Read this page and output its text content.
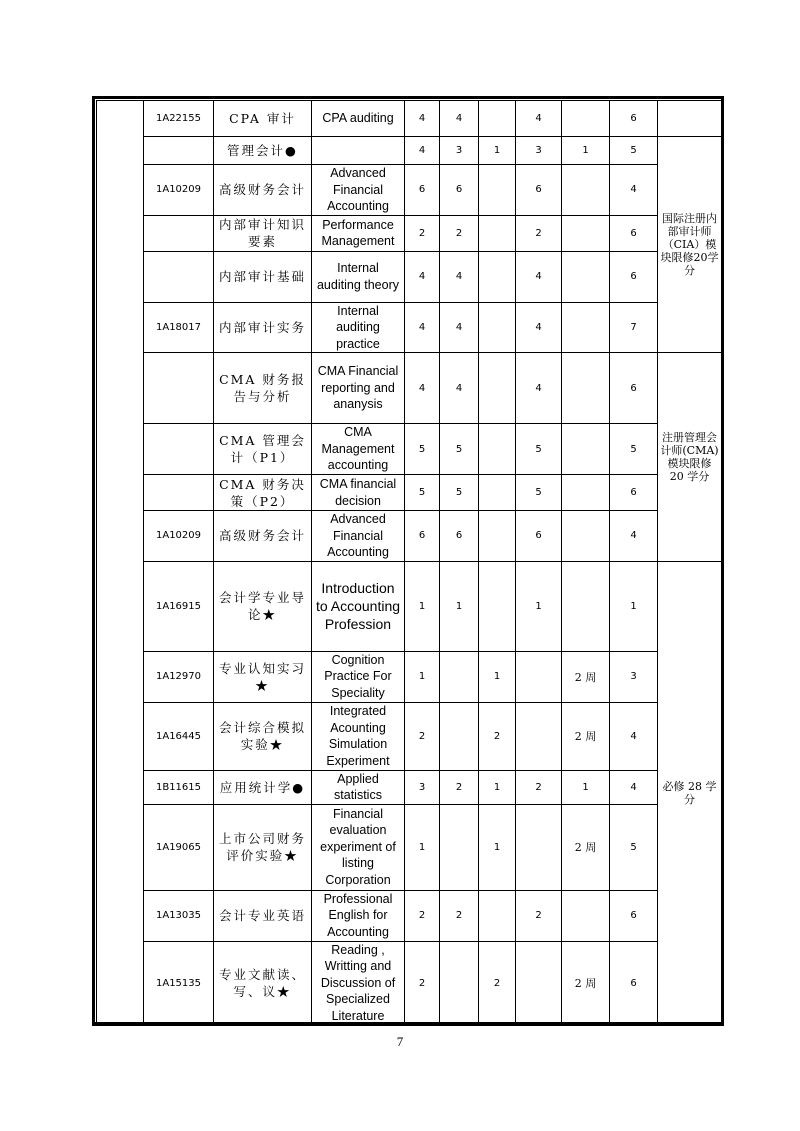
	1A22155	CPA 审计	CPA auditing	4	4		4		6	
		管理会计●		4	3	1	3	1	5	国际注册内部审计师（CIA）模块限修20学分
	1A10209	高级财务会计	Advanced Financial Accounting	6	6		6		4	
		内部审计知识要素	Performance Management	2	2		2		6	
		内部审计基础	Internal auditing theory	4	4		4		6	
	1A18017	内部审计实务	Internal auditing practice	4	4		4		7	
		CMA 财务报告与分析	CMA Financial reporting and ananysis	4	4		4		6	注册管理会计师(CMA)模块限修 20 学分
		CMA 管理会计（P1）	CMA Management accounting	5	5		5		5	
		CMA 财务决策（P2）	CMA financial decision	5	5		5		6	
	1A10209	高级财务会计	Advanced Financial Accounting	6	6		6		4	
	1A16915	会计学专业导论★	Introduction to Accounting Profession	1	1		1		1	必修 28 学分
	1A12970	专业认知实习★	Cognition Practice For Speciality	1		1		2 周	3	
	1A16445	会计综合模拟实验★	Integrated Acounting Simulation Experiment	2		2		2 周	4	
	1B11615	应用统计学●	Applied statistics	3	2	1	2	1	4	
	1A19065	上市公司财务评价实验★	Financial evaluation experiment of listing Corporation	1		1		2 周	5	
	1A13035	会计专业英语	Professional English for Accounting	2	2		2		6	
	1A15135	专业文献读、写、议★	Reading , Writting and Discussion of Specialized Literature	2		2		2 周	6	
7
